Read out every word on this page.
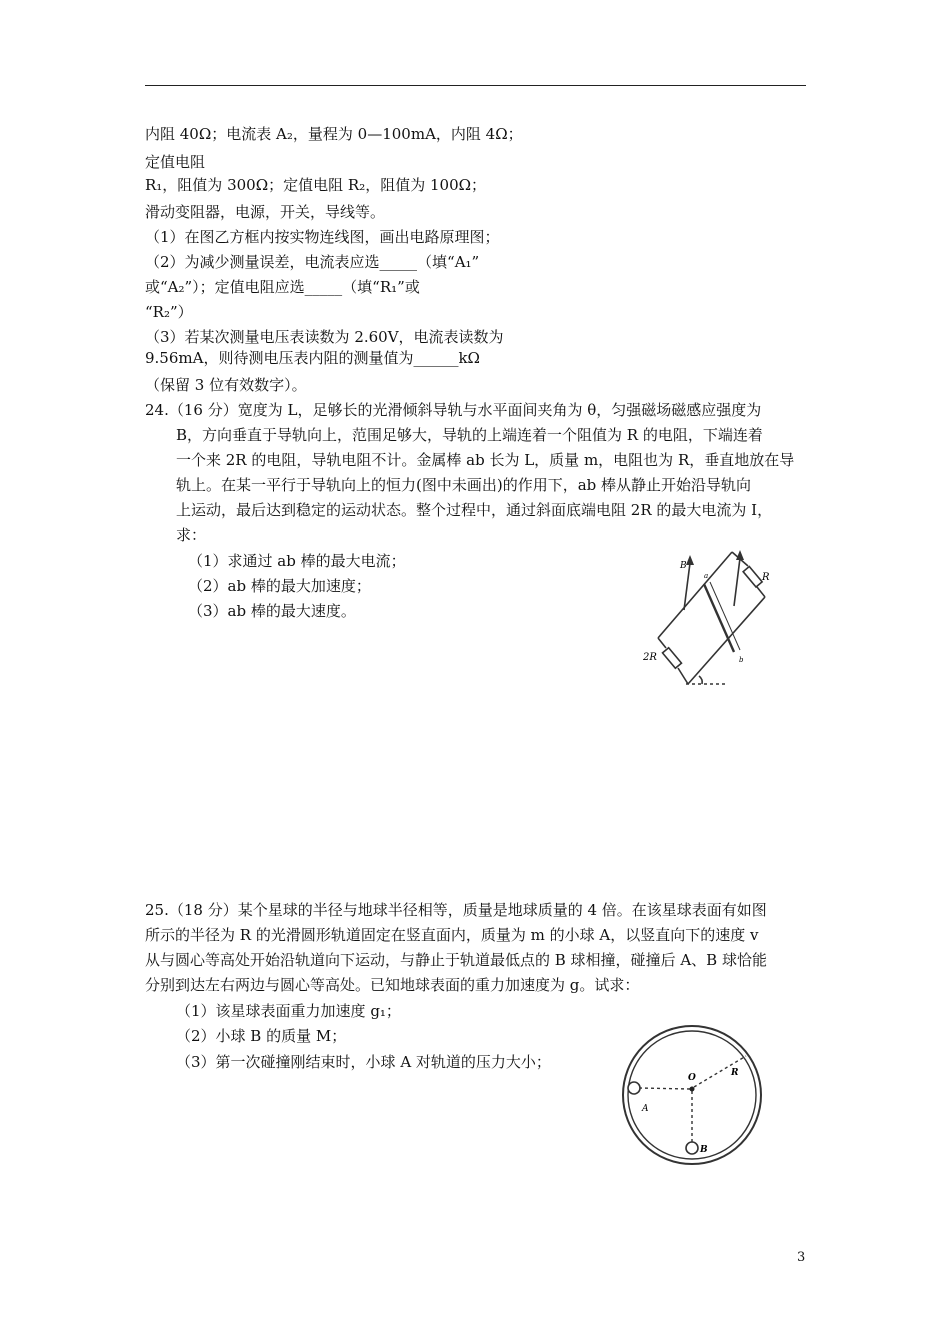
内阻 40Ω；电流表 A₂，量程为 0—100mA，内阻 4Ω；
定值电阻
R₁，阻值为 300Ω；定值电阻 R₂，阻值为 100Ω；
滑动变阻器，电源，开关，导线等。
（1）在图乙方框内按实物连线图，画出电路原理图；
（2）为减少测量误差，电流表应选_____（填“A₁”
或“A₂”）；定值电阻应选_____（填“R₁”或
“R₂”）
（3）若某次测量电压表读数为 2.60V，电流表读数为
9.56mA，则待测电压表内阻的测量值为______kΩ
（保留 3 位有效数字）。
24.（16 分）宽度为 L，足够长的光滑倾斜导轨与水平面间夹角为 θ，匀强磁场磁感应强度为
B，方向垂直于导轨向上，范围足够大，导轨的上端连着一个阻值为 R 的电阻，下端连着
一个来 2R 的电阻，导轨电阻不计。金属棒 ab 长为 L，质量 m，电阻也为 R，垂直地放在导
轨上。在某一平行于导轨向上的恒力(图中未画出)的作用下，ab 棒从静止开始沿导轨向
上运动，最后达到稳定的运动状态。整个过程中，通过斜面底端电阻 2R 的最大电流为 I，
求：
（1）求通过 ab 棒的最大电流；
（2）ab 棒的最大加速度；
（3）ab 棒的最大速度。
B
R
2R
a
b
25.（18 分）某个星球的半径与地球半径相等，质量是地球质量的 4 倍。在该星球表面有如图
所示的半径为 R 的光滑圆形轨道固定在竖直面内，质量为 m 的小球 A，以竖直向下的速度 v
从与圆心等高处开始沿轨道向下运动，与静止于轨道最低点的 B 球相撞，碰撞后 A、B 球恰能
分别到达左右两边与圆心等高处。已知地球表面的重力加速度为 g。试求：
（1）该星球表面重力加速度 g₁；
（2）小球 B 的质量 M；
（3）第一次碰撞刚结束时，小球 A 对轨道的压力大小；
O	R
A
B
3
